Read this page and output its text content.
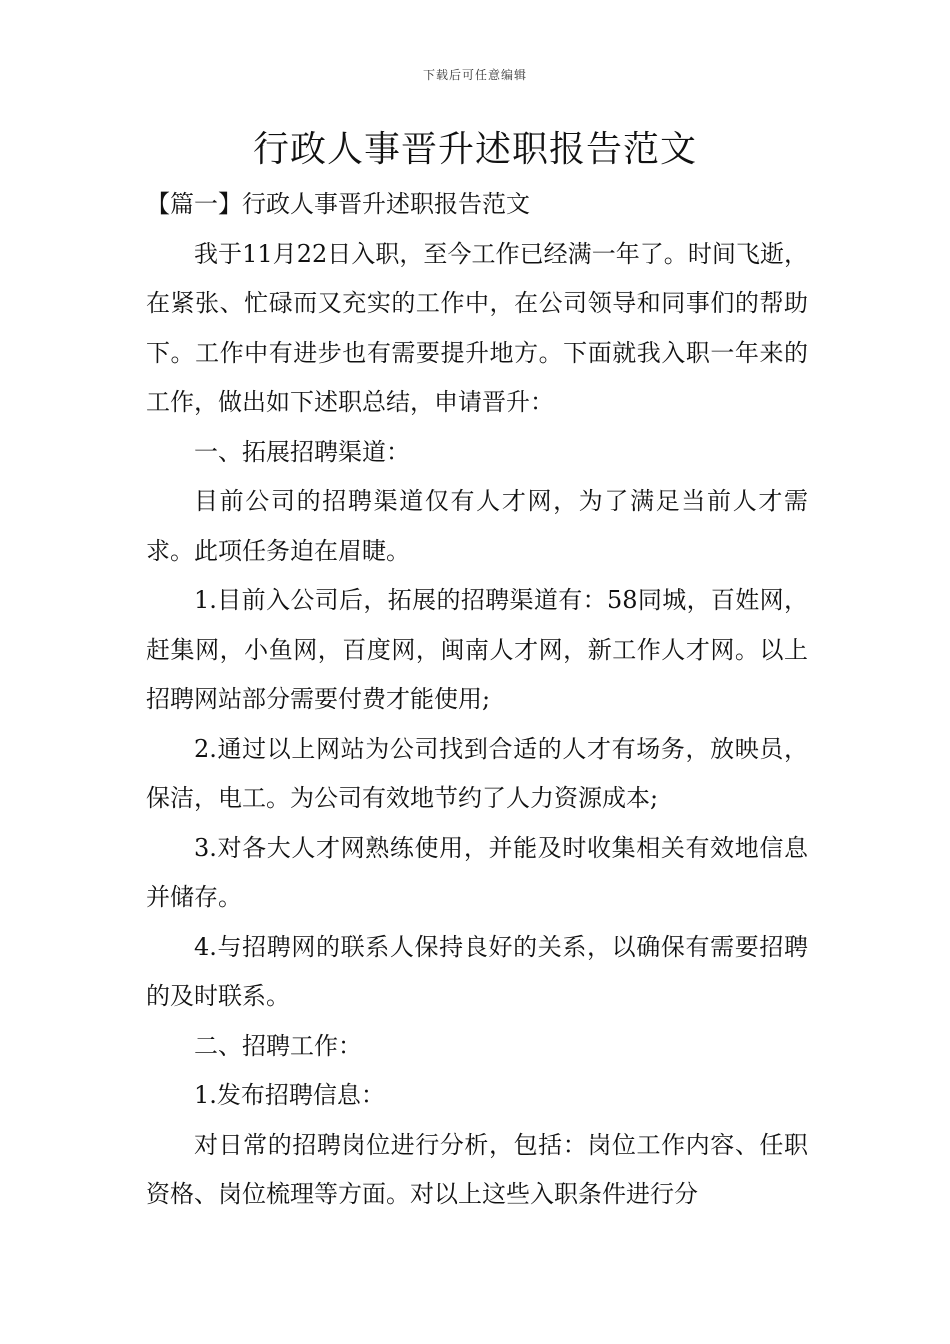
下载后可任意编辑
行政人事晋升述职报告范文

【篇一】行政人事晋升述职报告范文

我于11月22日入职，至今工作已经满一年了。时间飞逝，在紧张、忙碌而又充实的工作中，在公司领导和同事们的帮助下。工作中有进步也有需要提升地方。下面就我入职一年来的工作，做出如下述职总结，申请晋升：

一、拓展招聘渠道：

目前公司的招聘渠道仅有人才网，为了满足当前人才需求。此项任务迫在眉睫。

1.目前入公司后，拓展的招聘渠道有：58同城，百姓网，赶集网，小鱼网，百度网，闽南人才网，新工作人才网。以上招聘网站部分需要付费才能使用;

2.通过以上网站为公司找到合适的人才有场务，放映员，保洁，电工。为公司有效地节约了人力资源成本;

3.对各大人才网熟练使用，并能及时收集相关有效地信息并储存。

4.与招聘网的联系人保持良好的关系，以确保有需要招聘的及时联系。

二、招聘工作：

1.发布招聘信息：

对日常的招聘岗位进行分析，包括：岗位工作内容、任职资格、岗位梳理等方面。对以上这些入职条件进行分
